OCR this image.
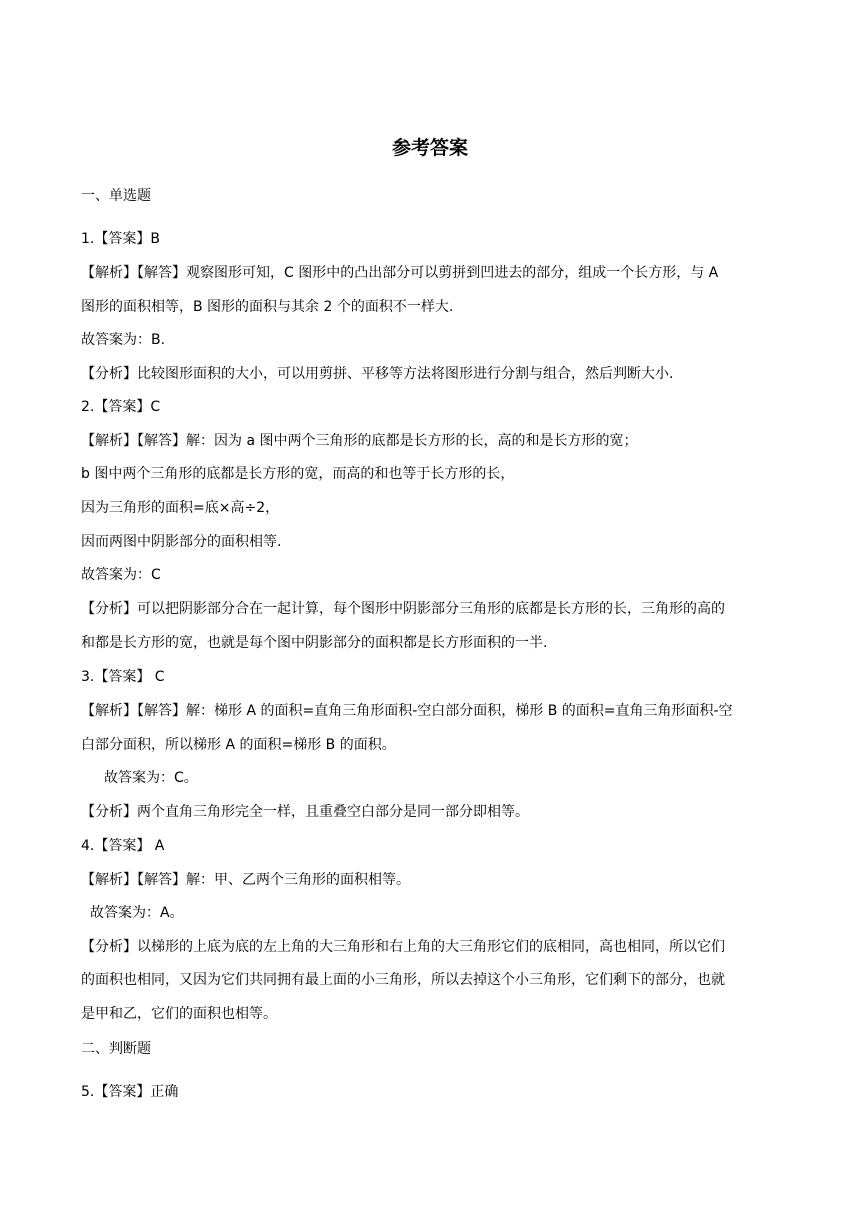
参考答案
一、单选题
1.【答案】B
【解析】【解答】观察图形可知，C 图形中的凸出部分可以剪拼到凹进去的部分，组成一个长方形，与 A
图形的面积相等，B 图形的面积与其余 2 个的面积不一样大.
故答案为：B.
【分析】比较图形面积的大小，可以用剪拼、平移等方法将图形进行分割与组合，然后判断大小.
2.【答案】C
【解析】【解答】解：因为 a 图中两个三角形的底都是长方形的长，高的和是长方形的宽；
b 图中两个三角形的底都是长方形的宽，而高的和也等于长方形的长，
因为三角形的面积=底×高÷2，
因而两图中阴影部分的面积相等.
故答案为：C
【分析】可以把阴影部分合在一起计算，每个图形中阴影部分三角形的底都是长方形的长，三角形的高的
和都是长方形的宽，也就是每个图中阴影部分的面积都是长方形面积的一半.
3.【答案】 C
【解析】【解答】解：梯形 A 的面积=直角三角形面积-空白部分面积，梯形 B 的面积=直角三角形面积-空
白部分面积，所以梯形 A 的面积=梯形 B 的面积。
故答案为：C。
【分析】两个直角三角形完全一样，且重叠空白部分是同一部分即相等。
4.【答案】 A
【解析】【解答】解：甲、乙两个三角形的面积相等。
故答案为：A。
【分析】以梯形的上底为底的左上角的大三角形和右上角的大三角形它们的底相同，高也相同，所以它们
的面积也相同，又因为它们共同拥有最上面的小三角形，所以去掉这个小三角形，它们剩下的部分，也就
是甲和乙，它们的面积也相等。
二、判断题
5.【答案】正确
